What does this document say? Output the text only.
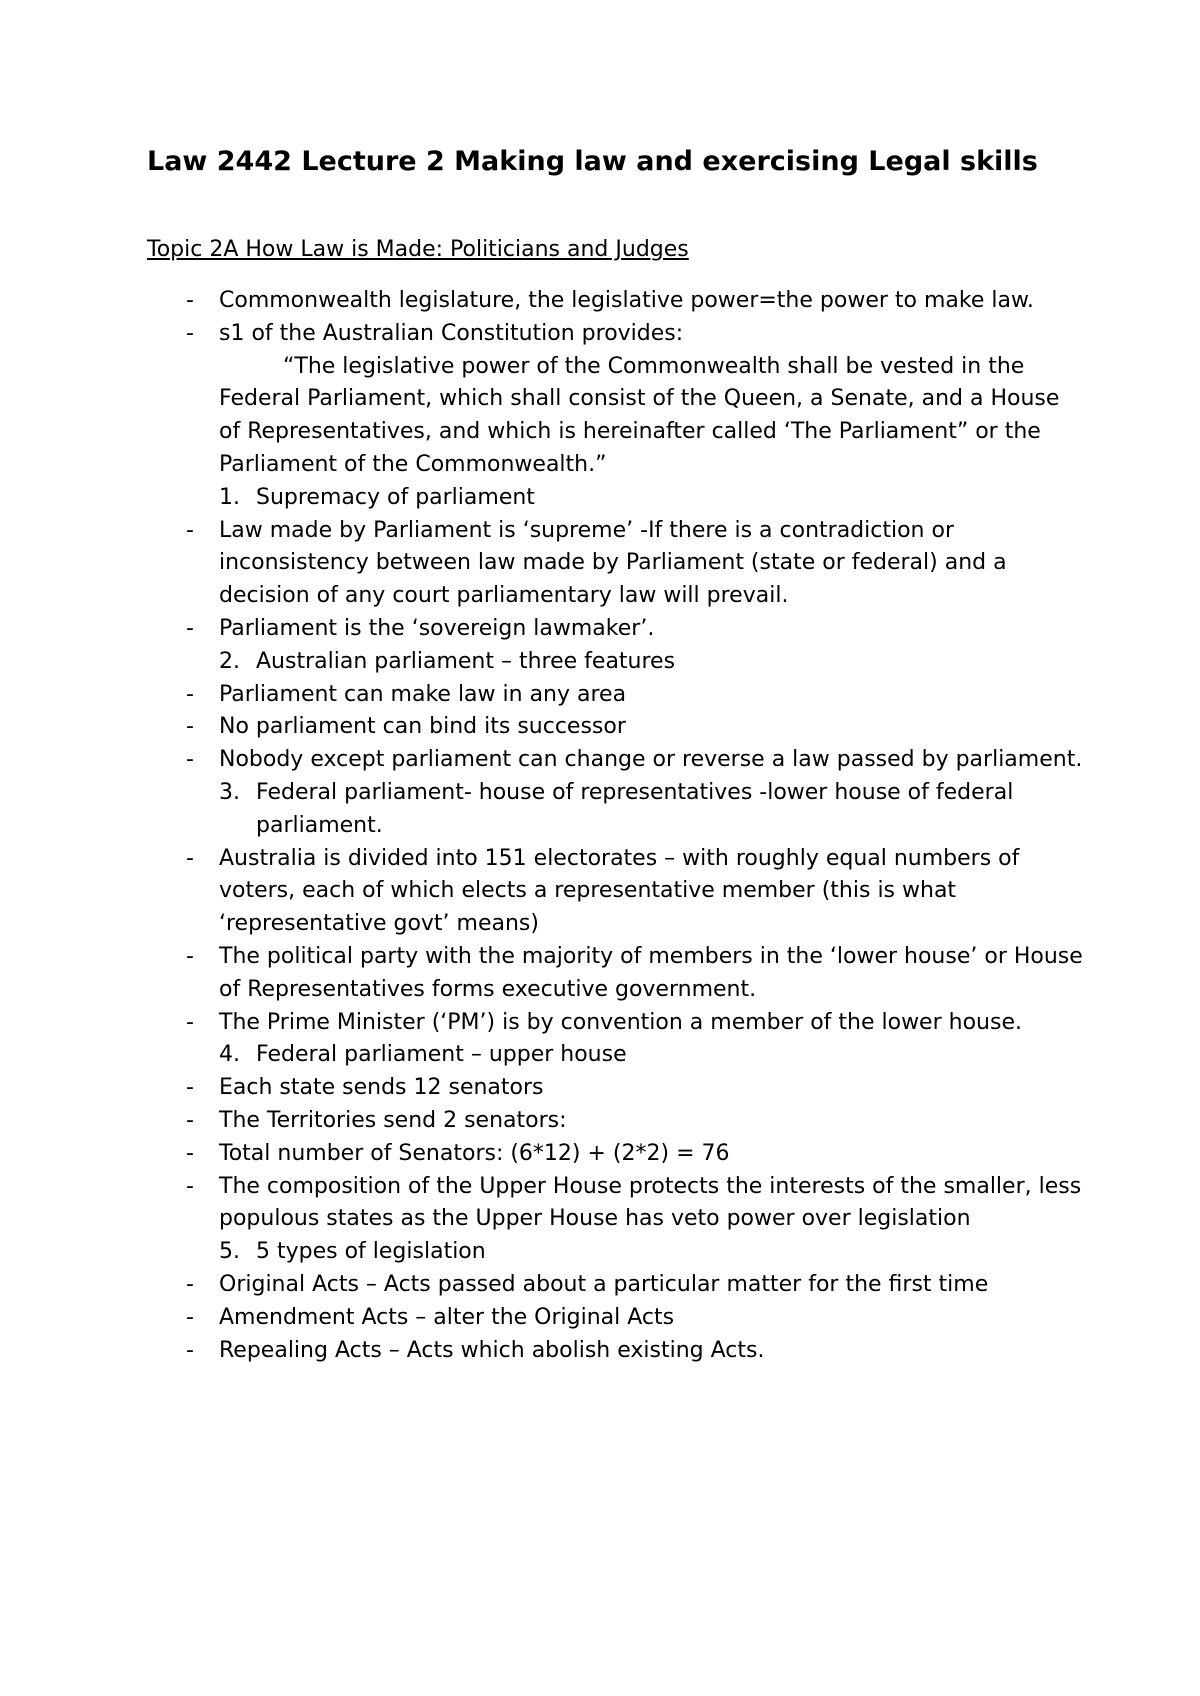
Law 2442 Lecture 2 Making law and exercising Legal skills

Topic 2A How Law is Made: Politicians and Judges

- Commonwealth legislature, the legislative power=the power to make law.
- s1 of the Australian Constitution provides:
“The legislative power of the Commonwealth shall be vested in the Federal Parliament, which shall consist of the Queen, a Senate, and a House of Representatives, and which is hereinafter called ‘The Parliament” or the Parliament of the Commonwealth.”
1. Supremacy of parliament
- Law made by Parliament is ‘supreme’ -If there is a contradiction or inconsistency between law made by Parliament (state or federal) and a decision of any court parliamentary law will prevail.
- Parliament is the ‘sovereign lawmaker’.
2. Australian parliament – three features
- Parliament can make law in any area
- No parliament can bind its successor
- Nobody except parliament can change or reverse a law passed by parliament.
3. Federal parliament- house of representatives -lower house of federal parliament.
- Australia is divided into 151 electorates – with roughly equal numbers of voters, each of which elects a representative member (this is what ‘representative govt’ means)
- The political party with the majority of members in the ‘lower house’ or House of Representatives forms executive government.
- The Prime Minister (‘PM’) is by convention a member of the lower house.
4. Federal parliament – upper house
- Each state sends 12 senators
- The Territories send 2 senators:
- Total number of Senators: (6*12) + (2*2) = 76
- The composition of the Upper House protects the interests of the smaller, less populous states as the Upper House has veto power over legislation
5. 5 types of legislation
- Original Acts – Acts passed about a particular matter for the first time
- Amendment Acts – alter the Original Acts
- Repealing Acts – Acts which abolish existing Acts.
